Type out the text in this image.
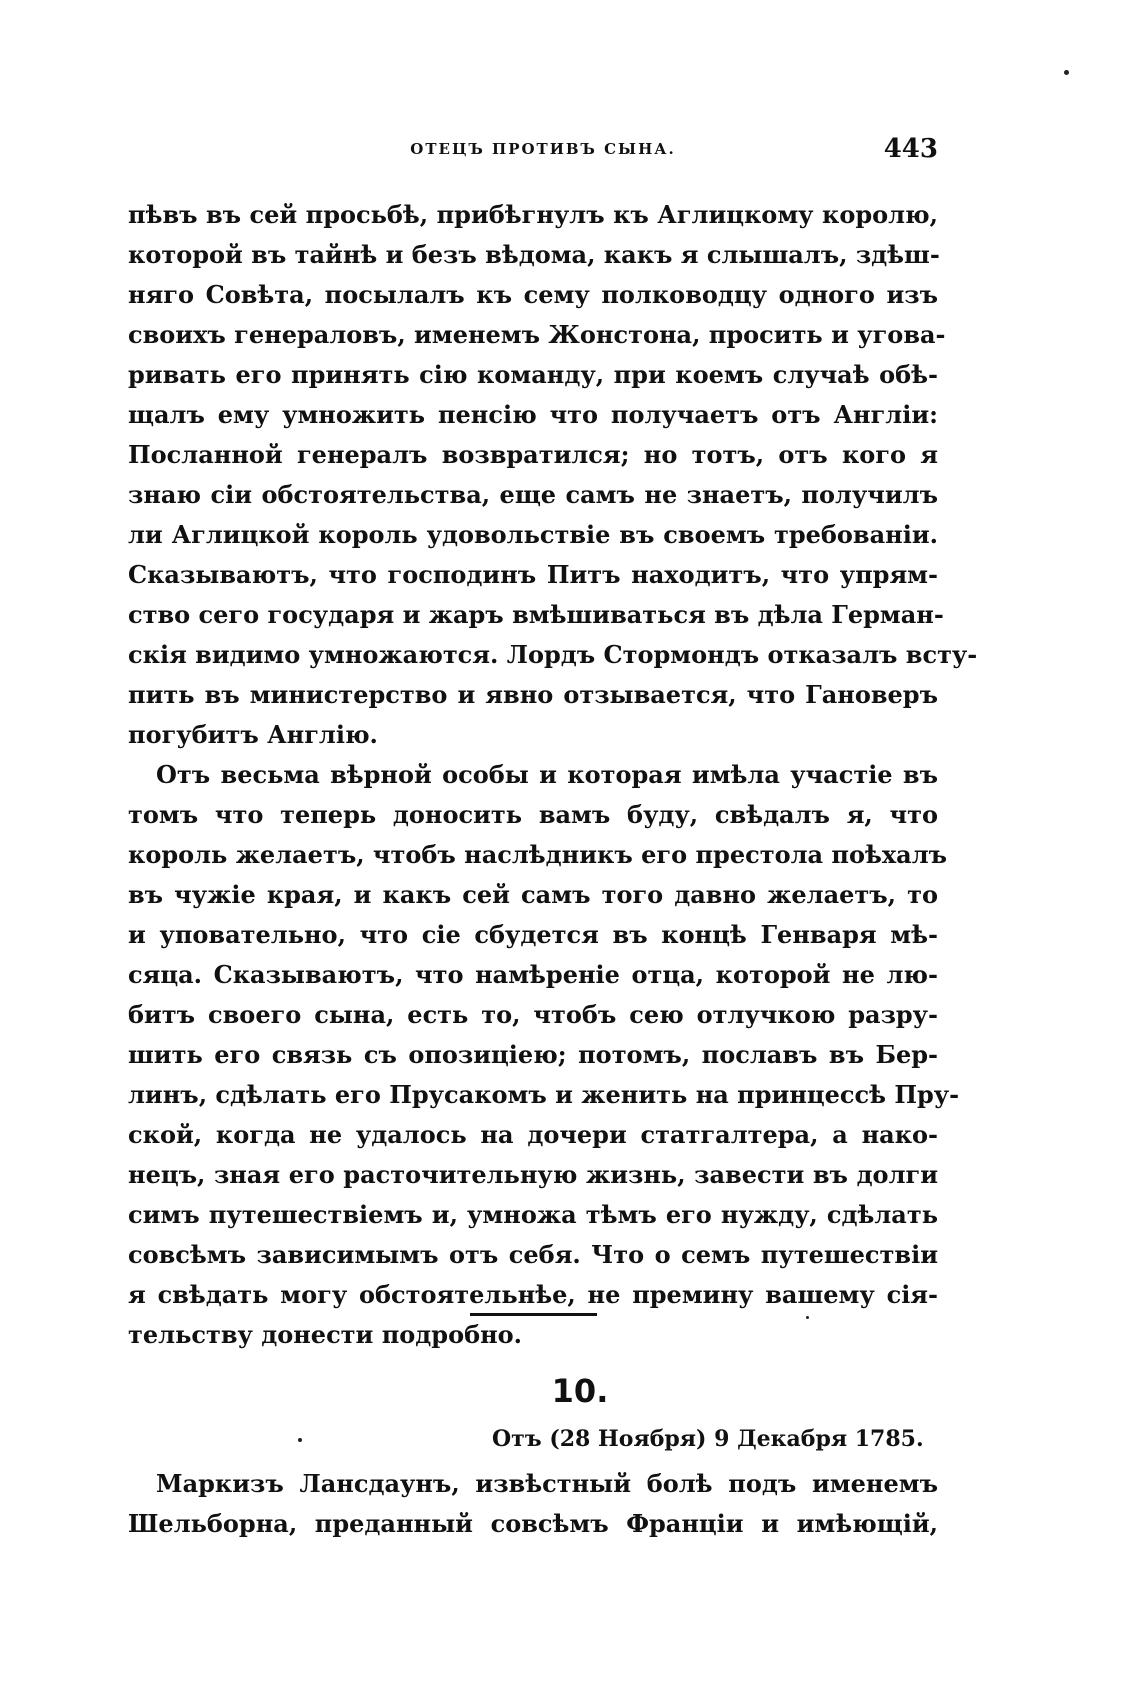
ОТЕЦЪ ПРОТИВЪ СЫНА.	443

пѣвъ въ сей просьбѣ, прибѣгнулъ къ Аглицкому королю,
которой въ тайнѣ и безъ вѣдома, какъ я слышалъ, здѣш-
няго Совѣта, посылалъ къ сему полководцу одного изъ
своихъ генераловъ, именемъ Жонстона, просить и угова-
ривать его принять сію команду, при коемъ случаѣ обѣ-
щалъ ему умножить пенсію что получаетъ отъ Англіи:
Посланной генералъ возвратился; но тотъ, отъ кого я
знаю сіи обстоятельства, еще самъ не знаетъ, получилъ
ли Аглицкой король удовольствіе въ своемъ требованіи.
Сказываютъ, что господинъ Питъ находитъ, что упрям-
ство сего государя и жаръ вмѣшиваться въ дѣла Герман-
скія видимо умножаются. Лордъ Стормондъ отказалъ всту-
пить въ министерство и явно отзывается, что Гановеръ
погубитъ Англію.

Отъ весьма вѣрной особы и которая имѣла участіе въ
томъ что теперь доносить вамъ буду, свѣдалъ я, что
король желаетъ, чтобъ наслѣдникъ его престола поѣхалъ
въ чужіе края, и какъ сей самъ того давно желаетъ, то
и уповательно, что сіе сбудется въ концѣ Генваря мѣ-
сяца. Сказываютъ, что намѣреніе отца, которой не лю-
битъ своего сына, есть то, чтобъ сею отлучкою разру-
шить его связь съ опозиціею; потомъ, пославъ въ Бер-
линъ, сдѣлать его Прусакомъ и женить на принцессѣ Пру-
ской, когда не удалось на дочери статгалтера, а нако-
нецъ, зная его расточительную жизнь, завести въ долги
симъ путешествіемъ и, умножа тѣмъ его нужду, сдѣлать
совсѣмъ зависимымъ отъ себя. Что о семъ путешествіи
я свѣдать могу обстоятельнѣе, не премину вашему сія-
тельству донести подробно.

10.
Отъ (28 Ноября) 9 Декабря 1785.

Маркизъ Лансдаунъ, извѣстный болѣ подъ именемъ
Шельборна, преданный совсѣмъ Франціи и имѣющій,
